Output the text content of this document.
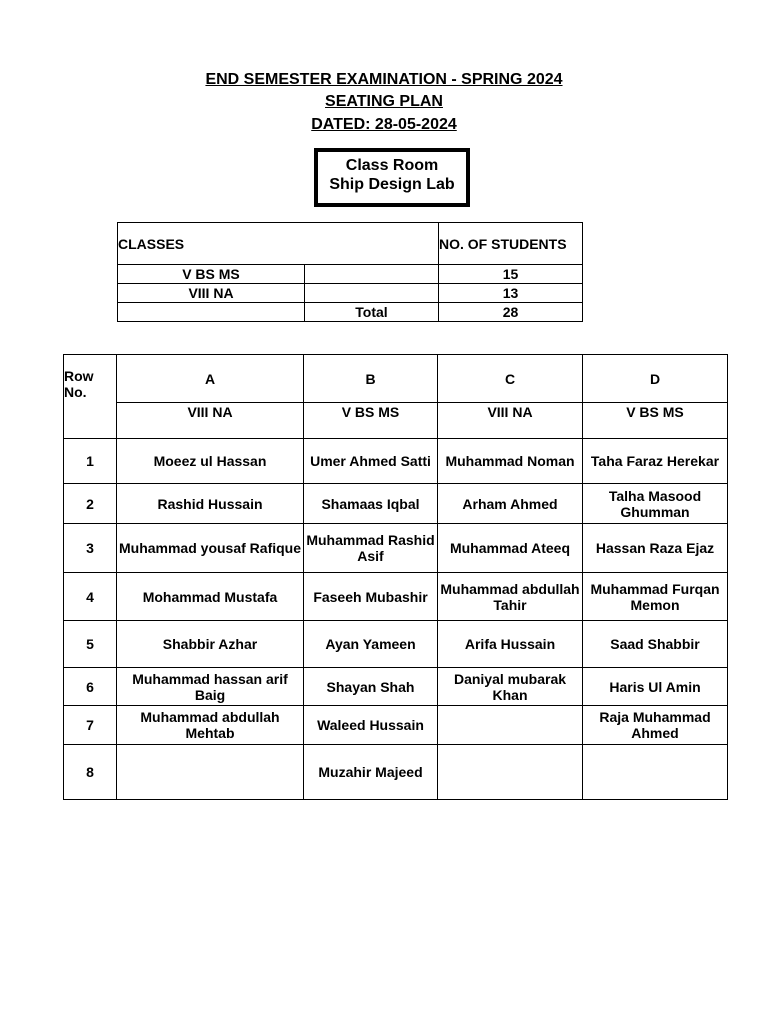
END SEMESTER EXAMINATION - SPRING 2024
SEATING PLAN
DATED: 28-05-2024
Class Room
Ship Design Lab
CLASSES		NO. OF STUDENTS
V BS MS		15
VIII NA		13
	Total	28
Row No.	A	B	C	D
	VIII NA	V BS MS	VIII NA	V BS MS
1	Moeez ul Hassan	Umer Ahmed Satti	Muhammad Noman	Taha Faraz Herekar
2	Rashid Hussain	Shamaas Iqbal	Arham Ahmed	Talha Masood Ghumman
3	Muhammad yousaf Rafique	Muhammad Rashid Asif	Muhammad Ateeq	Hassan Raza Ejaz
4	Mohammad Mustafa	Faseeh Mubashir	Muhammad abdullah Tahir	Muhammad Furqan Memon
5	Shabbir Azhar	Ayan Yameen	Arifa Hussain	Saad Shabbir
6	Muhammad hassan arif Baig	Shayan Shah	Daniyal mubarak Khan	Haris Ul Amin
7	Muhammad abdullah Mehtab	Waleed Hussain		Raja Muhammad Ahmed
8		Muzahir Majeed		
